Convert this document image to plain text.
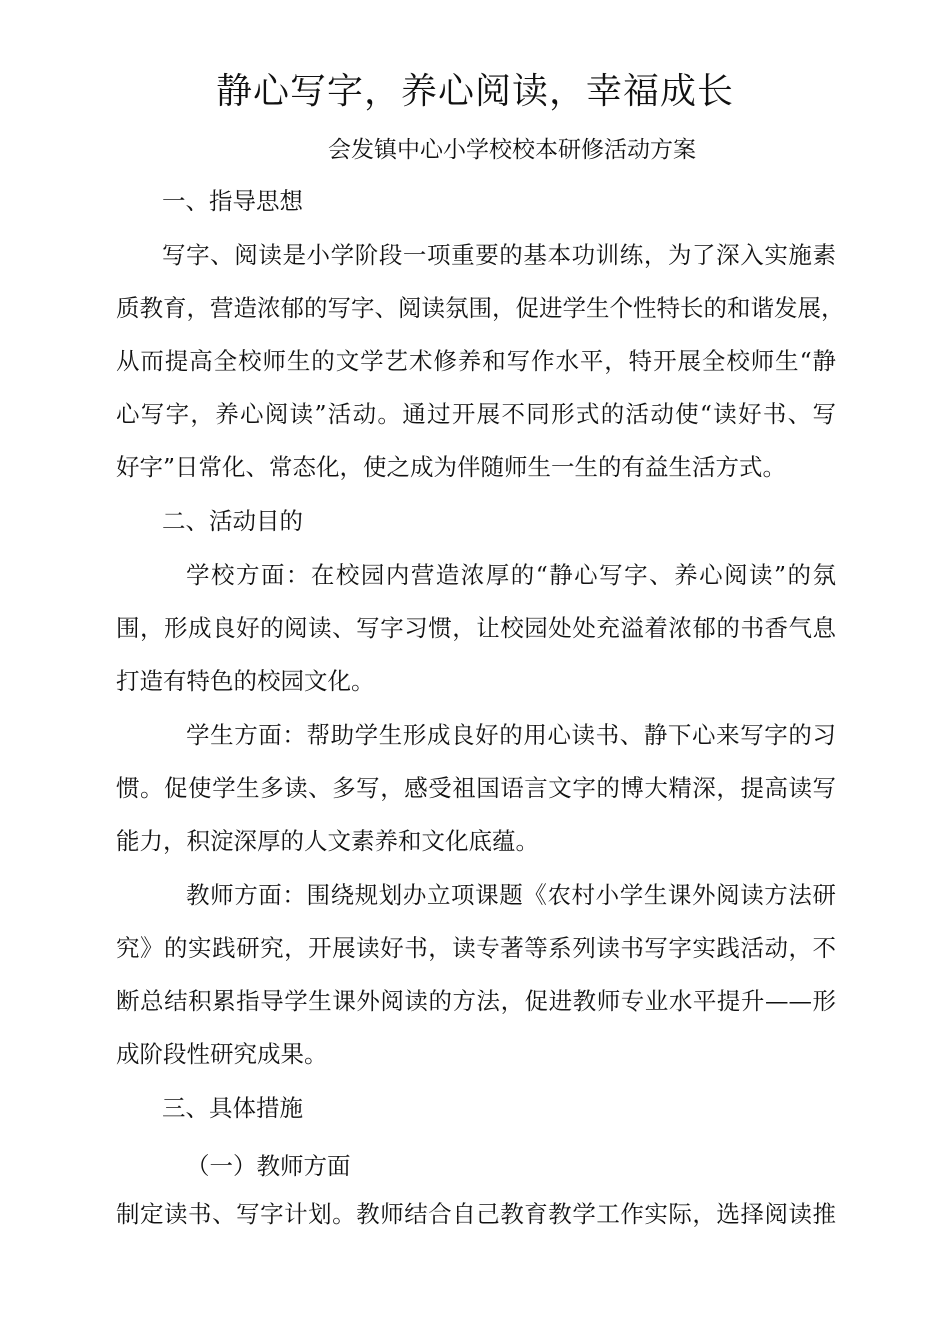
静心写字，养心阅读，幸福成长
会发镇中心小学校校本研修活动方案
一、指导思想
写字、阅读是小学阶段一项重要的基本功训练，为了深入实施素
质教育，营造浓郁的写字、阅读氛围，促进学生个性特长的和谐发展，
从而提高全校师生的文学艺术修养和写作水平，特开展全校师生“静
心写字，养心阅读”活动。通过开展不同形式的活动使“读好书、写
好字”日常化、常态化，使之成为伴随师生一生的有益生活方式。
二、活动目的
学校方面：在校园内营造浓厚的“静心写字、养心阅读”的氛
围，形成良好的阅读、写字习惯，让校园处处充溢着浓郁的书香气息
打造有特色的校园文化。
学生方面：帮助学生形成良好的用心读书、静下心来写字的习
惯。促使学生多读、多写，感受祖国语言文字的博大精深，提高读写
能力，积淀深厚的人文素养和文化底蕴。
教师方面：围绕规划办立项课题《农村小学生课外阅读方法研
究》的实践研究，开展读好书，读专著等系列读书写字实践活动，不
断总结积累指导学生课外阅读的方法，促进教师专业水平提升——形
成阶段性研究成果。
三、具体措施
（一）教师方面
制定读书、写字计划。教师结合自己教育教学工作实际，选择阅读推
